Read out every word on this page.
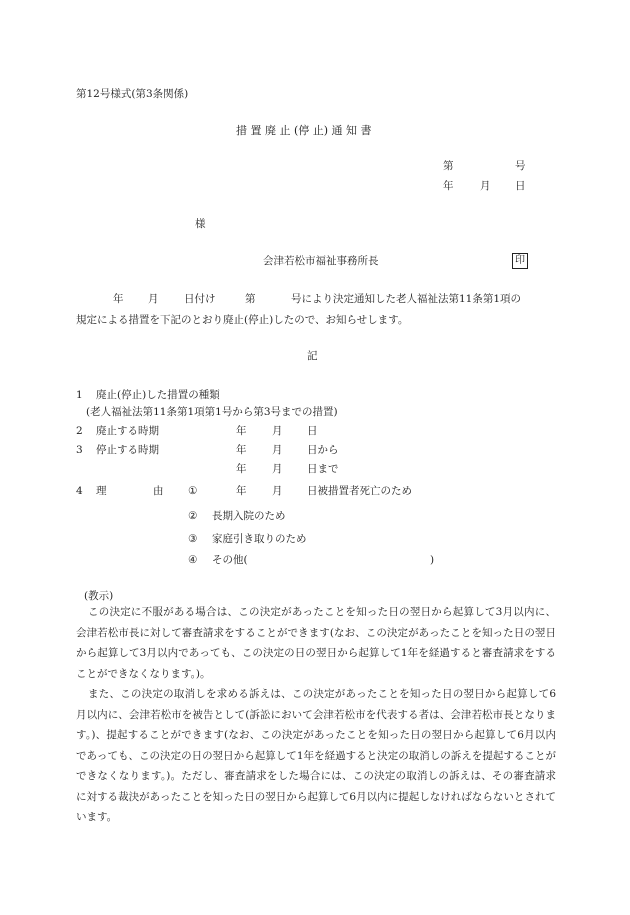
第12号様式(第3条関係)
措 置 廃 止 (停 止) 通 知 書
第	号
年	月 日
様
会津若松市福祉事務所長	印
年 月 日付け	第	号により決定通知した老人福祉法第11条第1項の
規定による措置を下記のとおり廃止(停止)したので、お知らせします。
記
1 廃止(停止)した措置の種類
(老人福祉法第11条第1項第1号から第3号までの措置)
2 廃止する時期	年 月 日
3 停止する時期	年 月 日から
年 月 日まで
4 理	由 ①	年 月 日被措置者死亡のため
② 長期入院のため
③ 家庭引き取りのため
④ その他(	)
(教示)
この決定に不服がある場合は、この決定があったことを知った日の翌日から起算して3月以内に、会津若松市長に対して審査請求をすることができます(なお、この決定があったことを知った日の翌日から起算して3月以内であっても、この決定の日の翌日から起算して1年を経過すると審査請求をすることができなくなります。)。
また、この決定の取消しを求める訴えは、この決定があったことを知った日の翌日から起算して6月以内に、会津若松市を被告として(訴訟において会津若松市を代表する者は、会津若松市長となります。)、提起することができます(なお、この決定があったことを知った日の翌日から起算して6月以内であっても、この決定の日の翌日から起算して1年を経過すると決定の取消しの訴えを提起することができなくなります。)。ただし、審査請求をした場合には、この決定の取消しの訴えは、その審査請求に対する裁決があったことを知った日の翌日から起算して6月以内に提起しなければならないとされています。
